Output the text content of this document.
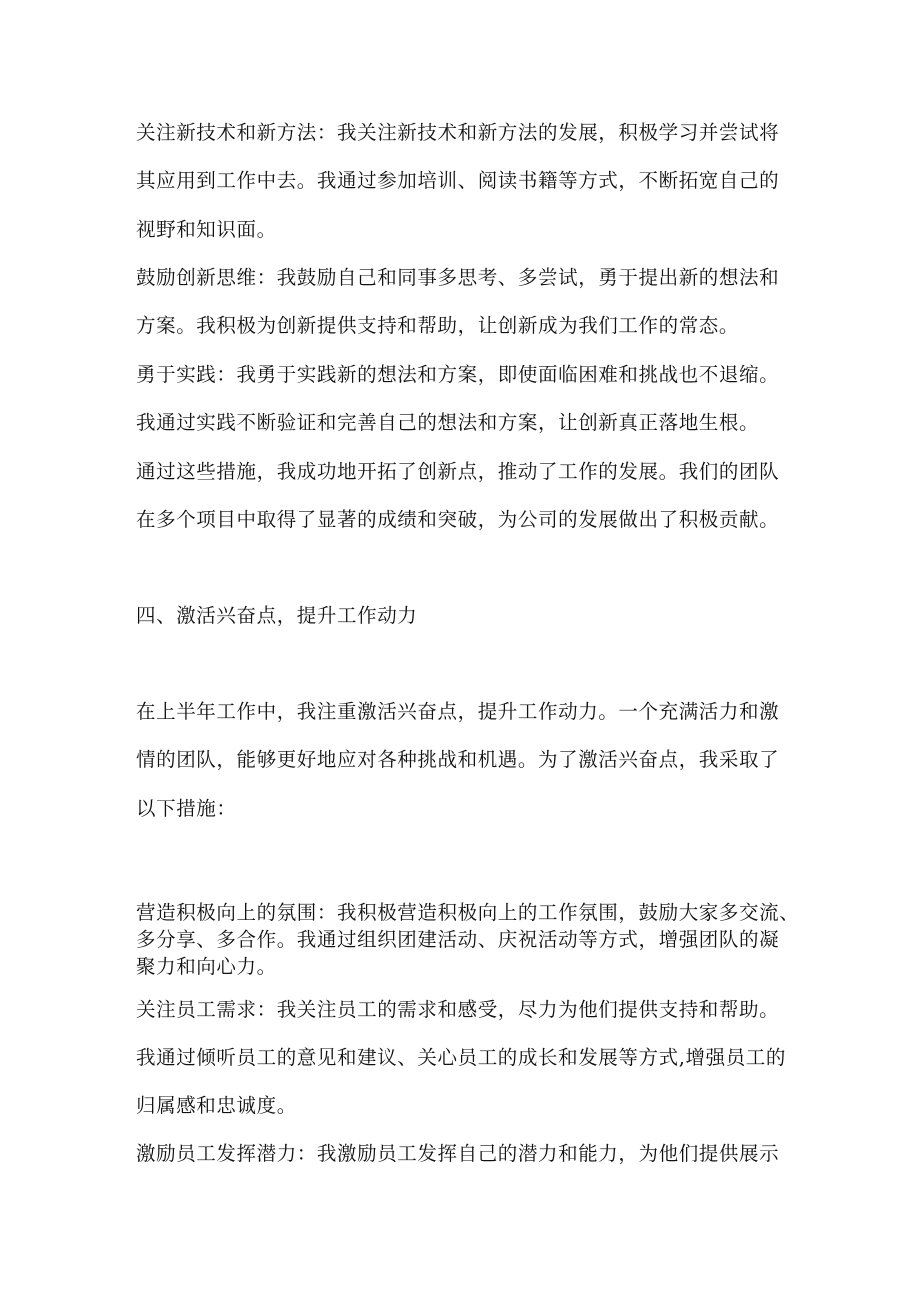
关注新技术和新方法：我关注新技术和新方法的发展，积极学习并尝试将
其应用到工作中去。我通过参加培训、阅读书籍等方式，不断拓宽自己的
视野和知识面。
鼓励创新思维：我鼓励自己和同事多思考、多尝试，勇于提出新的想法和
方案。我积极为创新提供支持和帮助，让创新成为我们工作的常态。
勇于实践：我勇于实践新的想法和方案，即使面临困难和挑战也不退缩。
我通过实践不断验证和完善自己的想法和方案，让创新真正落地生根。
通过这些措施，我成功地开拓了创新点，推动了工作的发展。我们的团队
在多个项目中取得了显著的成绩和突破，为公司的发展做出了积极贡献。
四、激活兴奋点，提升工作动力
在上半年工作中，我注重激活兴奋点，提升工作动力。一个充满活力和激
情的团队，能够更好地应对各种挑战和机遇。为了激活兴奋点，我采取了
以下措施：
营造积极向上的氛围：我积极营造积极向上的工作氛围，鼓励大家多交流、
多分享、多合作。我通过组织团建活动、庆祝活动等方式，增强团队的凝
聚力和向心力。
关注员工需求：我关注员工的需求和感受，尽力为他们提供支持和帮助。
我通过倾听员工的意见和建议、关心员工的成长和发展等方式,增强员工的
归属感和忠诚度。
激励员工发挥潜力：我激励员工发挥自己的潜力和能力，为他们提供展示
